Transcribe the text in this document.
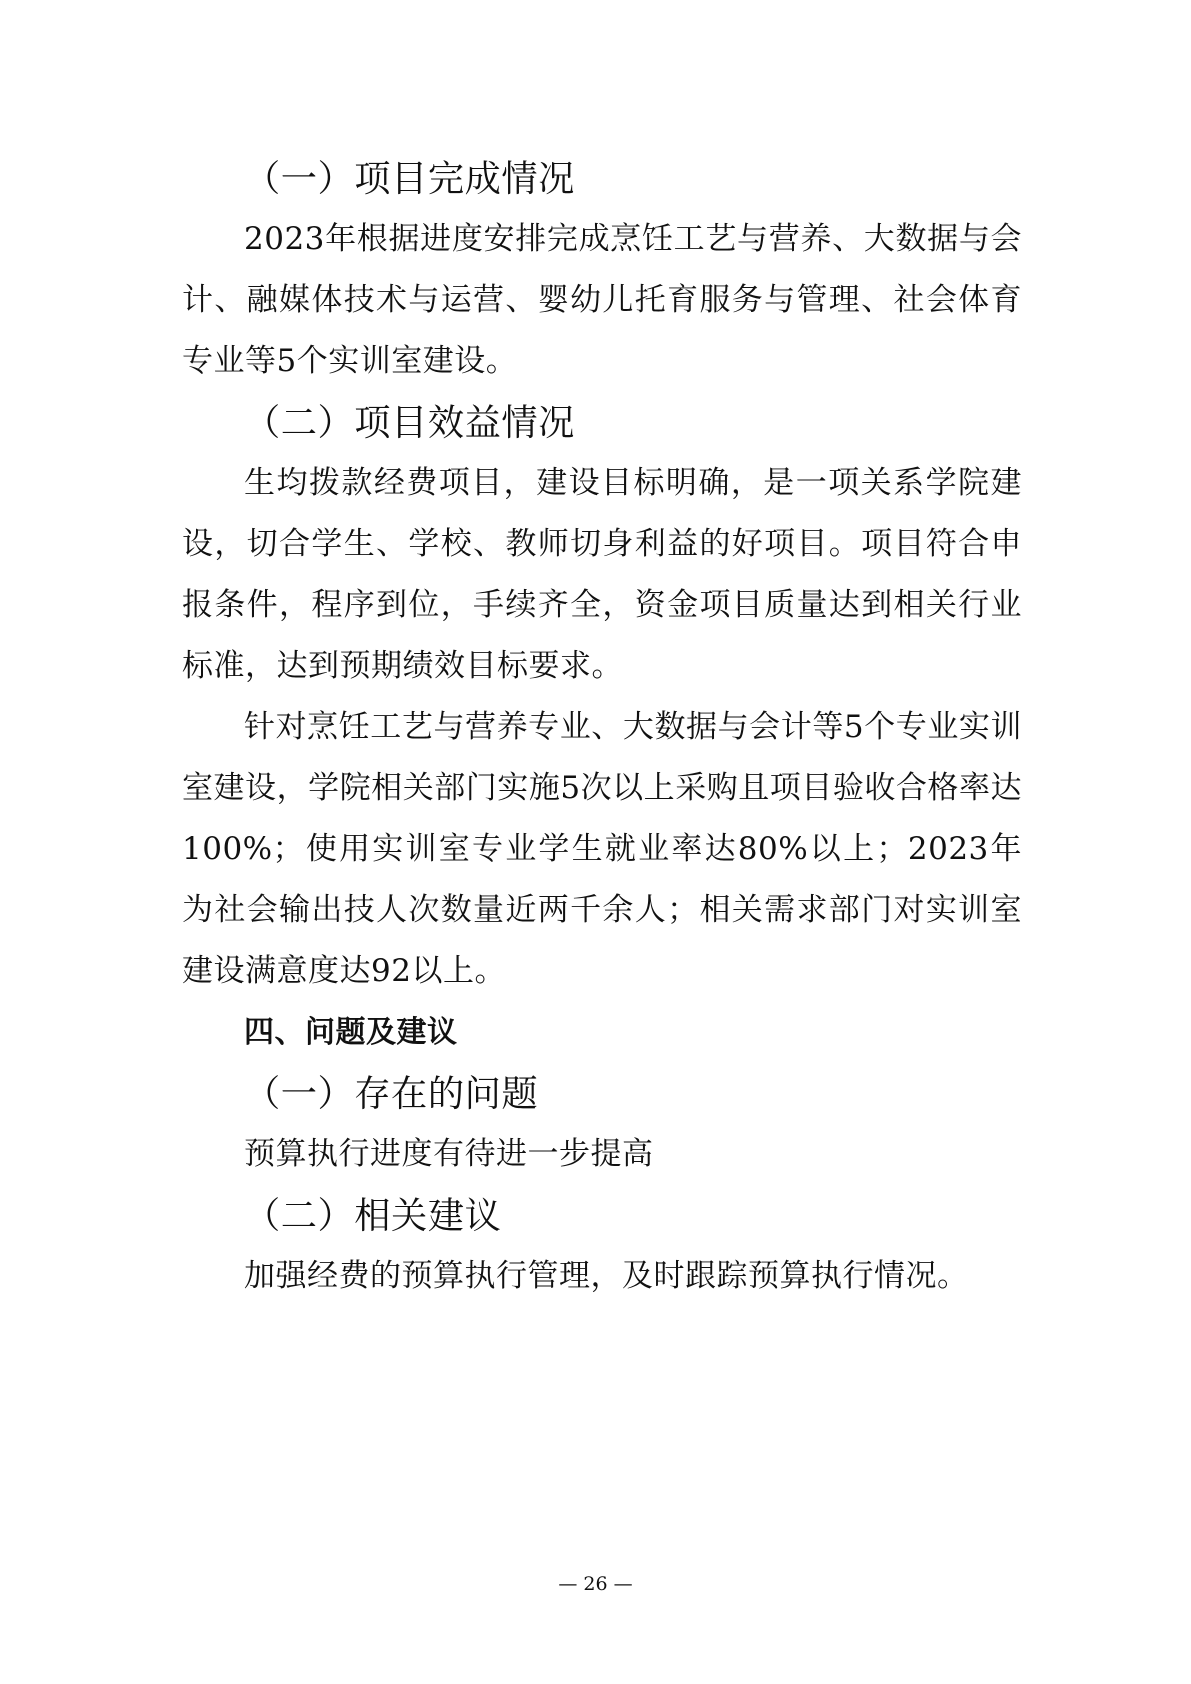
（一）项目完成情况

2023年根据进度安排完成烹饪工艺与营养、大数据与会计、融媒体技术与运营、婴幼儿托育服务与管理、社会体育专业等5个实训室建设。

（二）项目效益情况

生均拨款经费项目，建设目标明确，是一项关系学院建设，切合学生、学校、教师切身利益的好项目。项目符合申报条件，程序到位，手续齐全，资金项目质量达到相关行业标准，达到预期绩效目标要求。

针对烹饪工艺与营养专业、大数据与会计等5个专业实训室建设，学院相关部门实施5次以上采购且项目验收合格率达100%；使用实训室专业学生就业率达80%以上；2023年为社会输出技人次数量近两千余人；相关需求部门对实训室建设满意度达92以上。

四、问题及建议
（一）存在的问题

预算执行进度有待进一步提高

（二）相关建议

加强经费的预算执行管理，及时跟踪预算执行情况。

— 26 —
